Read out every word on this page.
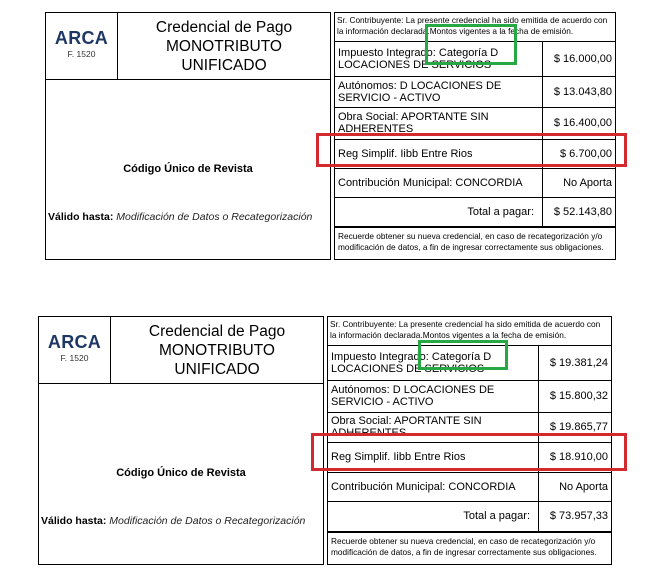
ARCA
F. 1520
Credencial de Pago
MONOTRIBUTO
UNIFICADO
Código Único de Revista
Válido hasta: Modificación de Datos o Recategorización
Sr. Contribuyente: La presente credencial ha sido emitida de acuerdo con la información declarada.Montos vigentes a la fecha de emisión.
Impuesto Integrado: Categoría D LOCACIONES DE SERVICIOS	$ 16.000,00
Autónomos: D LOCACIONES DE SERVICIO - ACTIVO	$ 13.043,80
Obra Social: APORTANTE SIN ADHERENTES	$ 16.400,00
Reg Simplif. Iibb Entre Rios	$ 6.700,00
Contribución Municipal: CONCORDIA	No Aporta
Total a pagar:	$ 52.143,80
Recuerde obtener su nueva credencial, en caso de recategorización y/o modificación de datos, a fin de ingresar correctamente sus obligaciones.
ARCA
F. 1520
Credencial de Pago
MONOTRIBUTO
UNIFICADO
Código Único de Revista
Válido hasta: Modificación de Datos o Recategorización
Sr. Contribuyente: La presente credencial ha sido emitida de acuerdo con la información declarada.Montos vigentes a la fecha de emisión.
Impuesto Integrado: Categoría D LOCACIONES DE SERVICIOS	$ 19.381,24
Autónomos: D LOCACIONES DE SERVICIO - ACTIVO	$ 15.800,32
Obra Social: APORTANTE SIN ADHERENTES	$ 19.865,77
Reg Simplif. Iibb Entre Rios	$ 18.910,00
Contribución Municipal: CONCORDIA	No Aporta
Total a pagar:	$ 73.957,33
Recuerde obtener su nueva credencial, en caso de recategorización y/o modificación de datos, a fin de ingresar correctamente sus obligaciones.
